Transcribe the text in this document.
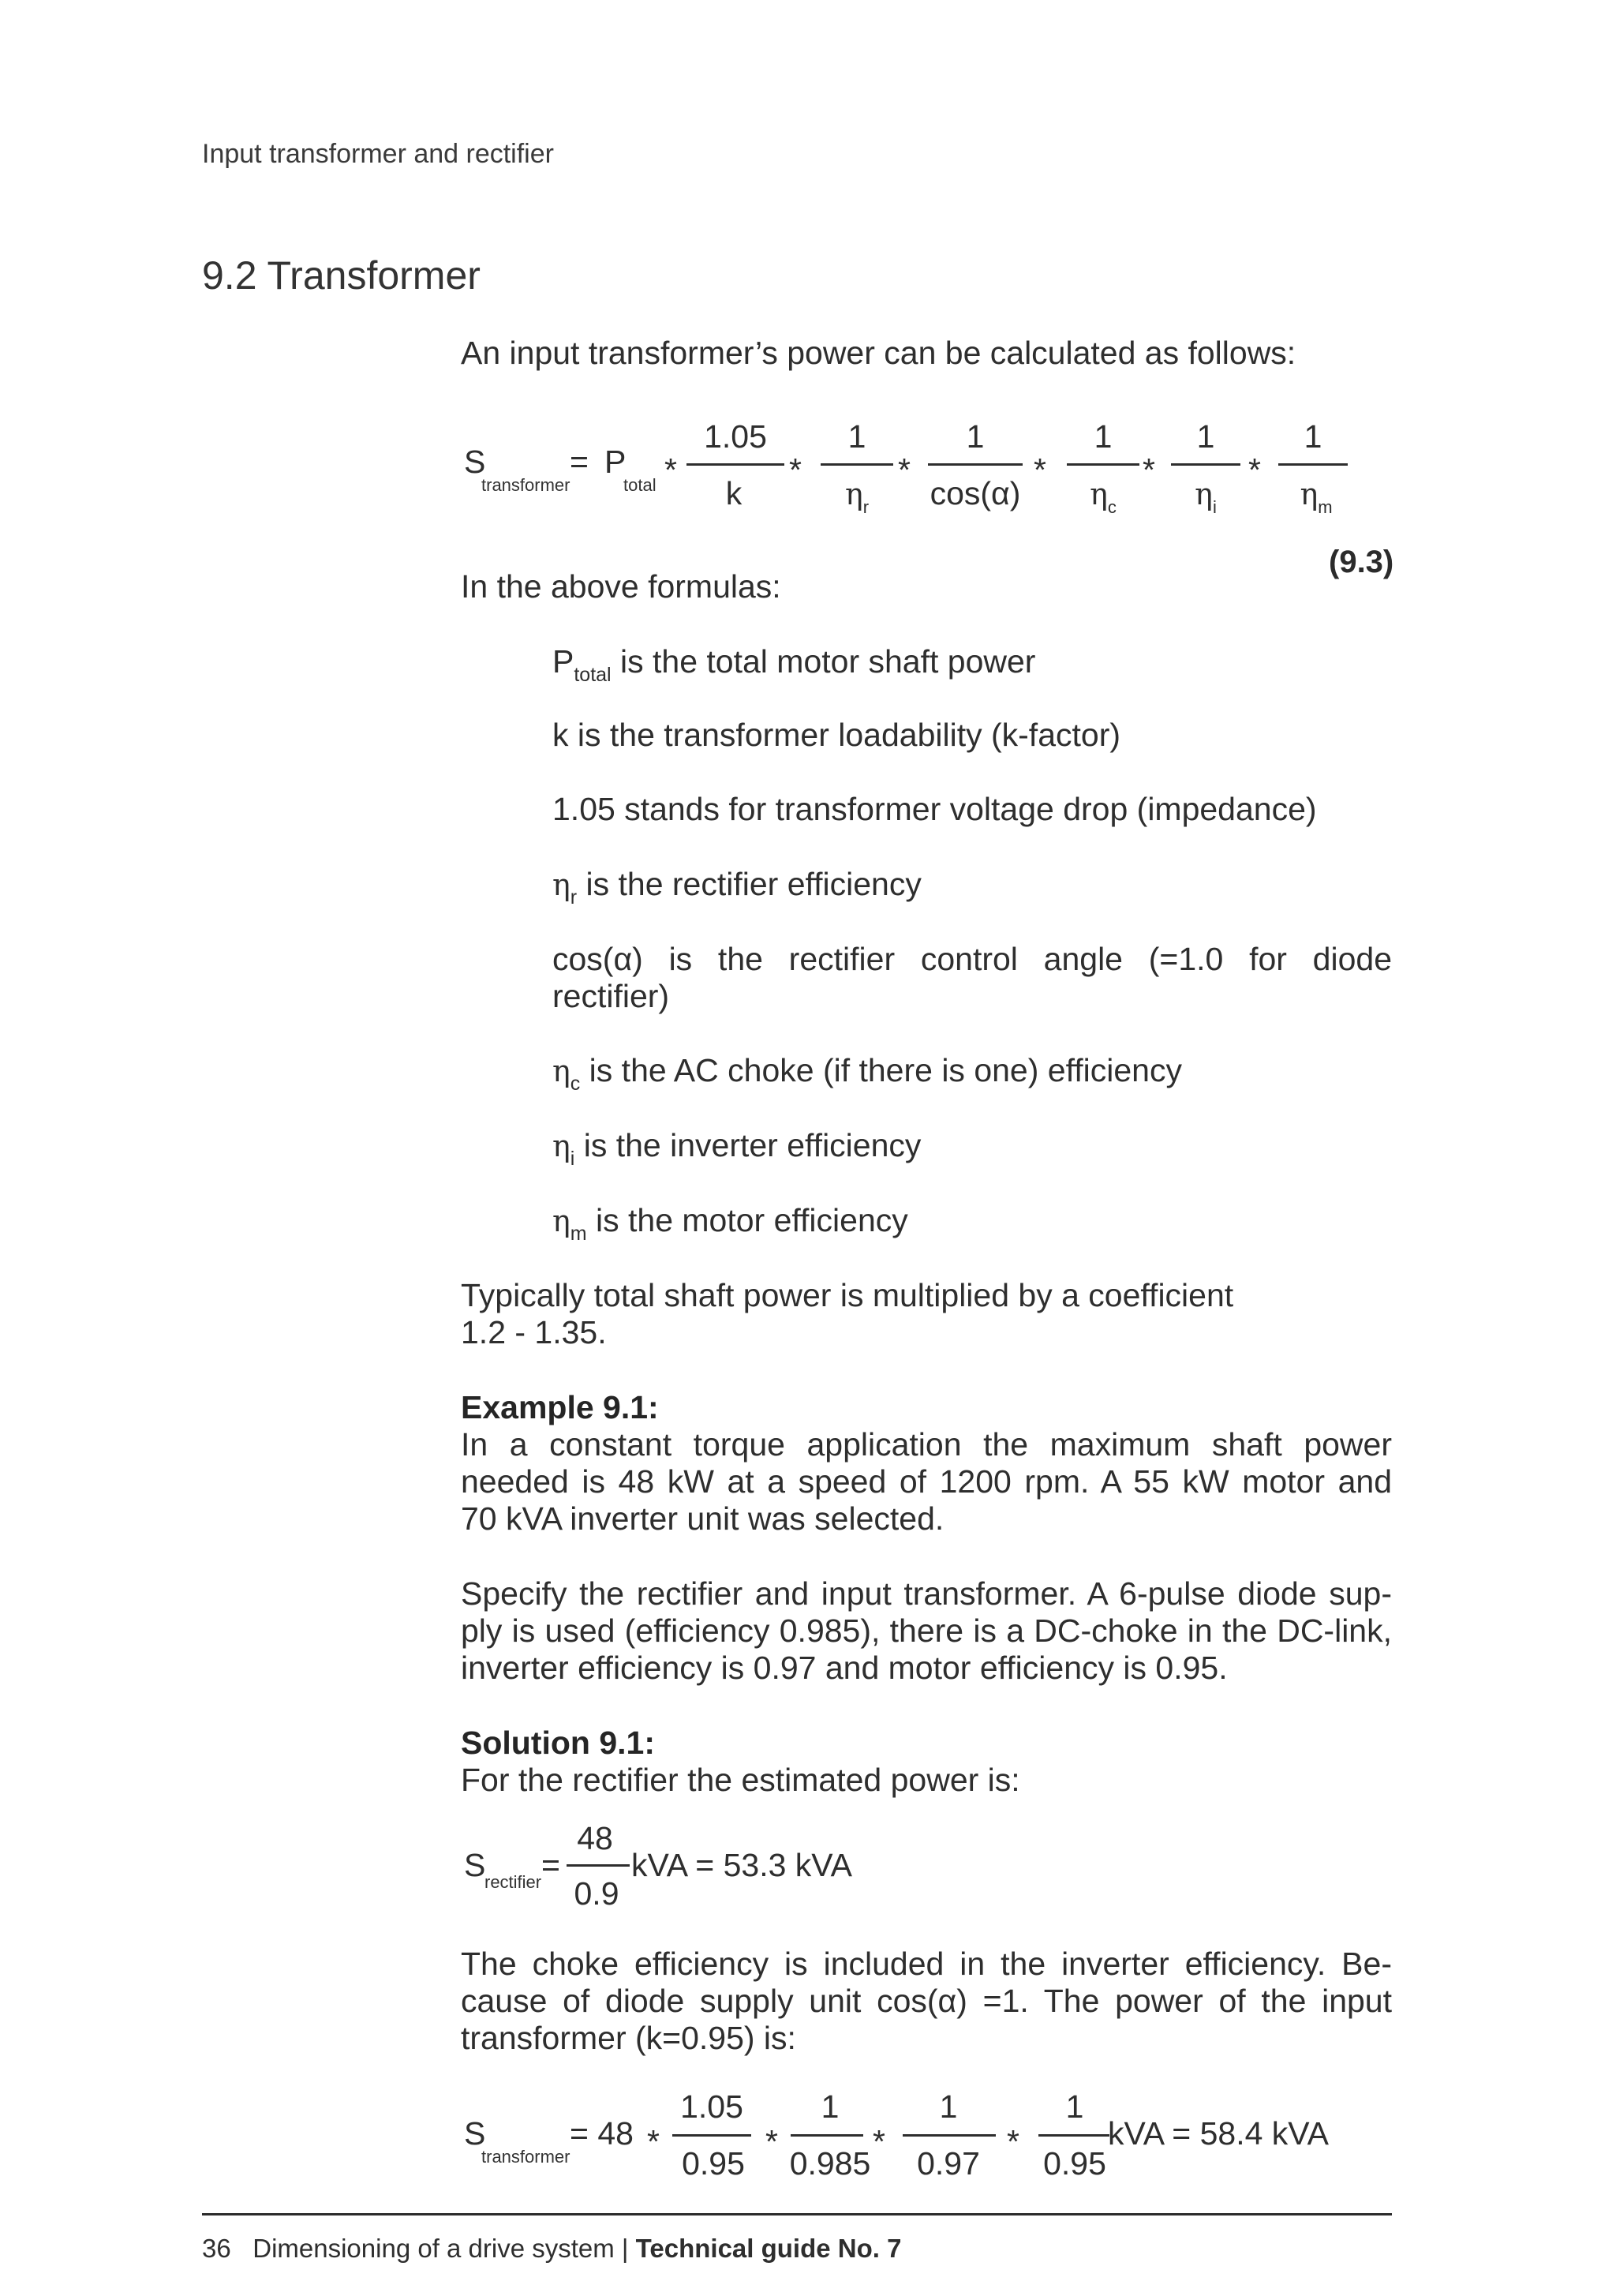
Input transformer and rectifier
9.2 Transformer
An input transformer’s power can be calculated as follows:
S
transformer
= P
total *
1.05
k
*
1
$\eta_r$
*
1
cos(α)
*
1
$\eta_c$
*
1
$\eta_i$
*
1
$\eta_m$
(9.3)
In the above formulas:
$P_{total}$ is the total motor shaft power
k is the transformer loadability (k-factor)
1.05 stands for transformer voltage drop (impedance)
$\eta_r$ is the rectifier efficiency
cos(α) is the rectifier control angle (=1.0 for diode
rectifier)
$\eta_c$ is the AC choke (if there is one) efficiency
$\eta_i$ is the inverter efficiency
$\eta_m$ is the motor efficiency
Typically total shaft power is multiplied by a coefficient
1.2 - 1.35.
Example 9.1:
In a constant torque application the maximum shaft power
needed is 48 kW at a speed of 1200 rpm. A 55 kW motor and
70 kVA inverter unit was selected.
Specify the rectifier and input transformer. A 6-pulse diode sup-
ply is used (efficiency 0.985), there is a DC-choke in the DC-link,
inverter efficiency is 0.97 and motor efficiency is 0.95.
Solution 9.1:
For the rectifier the estimated power is:
S
rectifier =
48
0.9
kVA = 53.3 kVA
The choke efficiency is included in the inverter efficiency. Be-
cause of diode supply unit cos(α) =1. The power of the input
transformer (k=0.95) is:
S
transformer
= 48 *
1.05
0.95
*
1
0.985
*
1
0.97
*
1
0.95
kVA = 58.4 kVA
36 Dimensioning of a drive system | Technical guide No. 7
